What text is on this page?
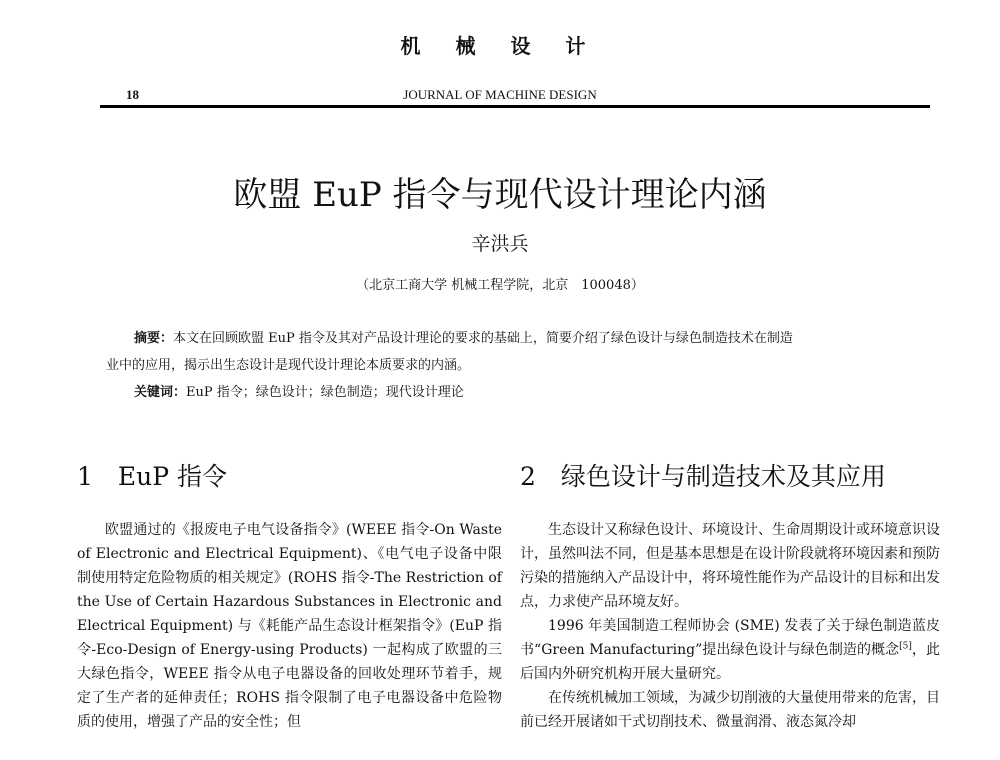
机 械 设 计
18	JOURNAL OF MACHINE DESIGN
欧盟 EuP 指令与现代设计理论内涵
辛洪兵
（北京工商大学 机械工程学院，北京　100048）
摘要：本文在回顾欧盟 EuP 指令及其对产品设计理论的要求的基础上，简要介绍了绿色设计与绿色制造技术在制造
业中的应用，揭示出生态设计是现代设计理论本质要求的内涵。
关键词：EuP 指令；绿色设计；绿色制造；现代设计理论
1　EuP 指令	2　绿色设计与制造技术及其应用

欧盟通过的《报废电子电气设备指令》(WEEE 指令-On Waste of Electronic and Electrical Equipment)、《电气电子设备中限制使用特定危险物质的相关规定》(ROHS 指令-The Restriction of the Use of Certain Hazardous Substances in Electronic and Electrical Equipment) 与《耗能产品生态设计框架指令》(EuP 指令-Eco-Design of Energy-using Products) 一起构成了欧盟的三大绿色指令，WEEE 指令从电子电器设备的回收处理环节着手，规定了生产者的延伸责任；ROHS 指令限制了电子电器设备中危险物质的使用，增强了产品的安全性；但

生态设计又称绿色设计、环境设计、生命周期设计或环境意识设计，虽然叫法不同，但是基本思想是在设计阶段就将环境因素和预防污染的措施纳入产品设计中，将环境性能作为产品设计的目标和出发点，力求使产品环境友好。

1996 年美国制造工程师协会 (SME) 发表了关于绿色制造蓝皮书“Green Manufacturing”提出绿色设计与绿色制造的概念[5]，此后国内外研究机构开展大量研究。

在传统机械加工领域，为减少切削液的大量使用带来的危害，目前已经开展诸如干式切削技术、微量润滑、液态氮冷却
